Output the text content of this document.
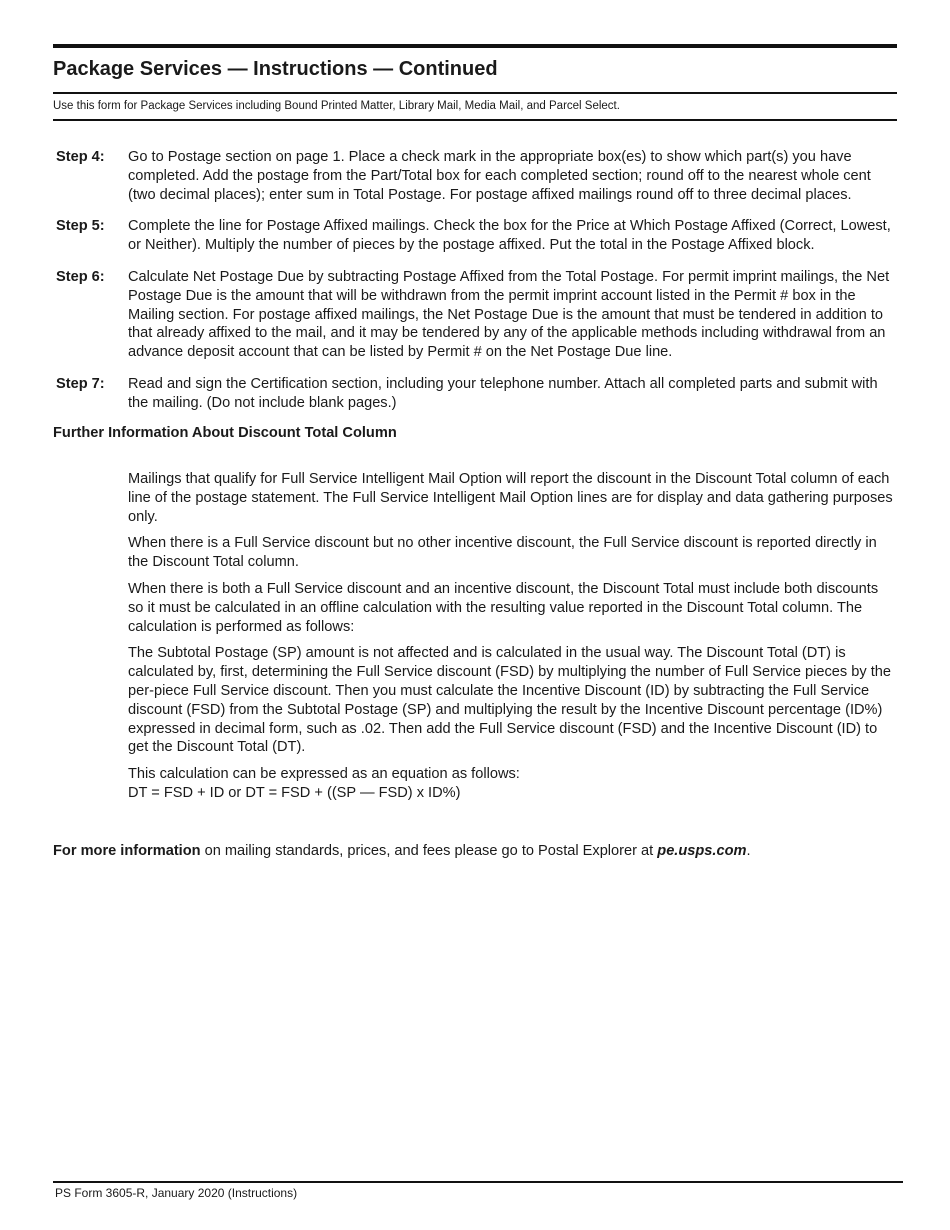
Package Services — Instructions — Continued

Use this form for Package Services including Bound Printed Matter, Library Mail, Media Mail, and Parcel Select.

Step 4:	Go to Postage section on page 1. Place a check mark in the appropriate box(es) to show which part(s) you have completed. Add the postage from the Part/Total box for each completed section; round off to the nearest whole cent (two decimal places); enter sum in Total Postage. For postage affixed mailings round off to three decimal places.
Step 5:	Complete the line for Postage Affixed mailings. Check the box for the Price at Which Postage Affixed (Correct, Lowest, or Neither). Multiply the number of pieces by the postage affixed. Put the total in the Postage Affixed block.
Step 6:	Calculate Net Postage Due by subtracting Postage Affixed from the Total Postage. For permit imprint mailings, the Net Postage Due is the amount that will be withdrawn from the permit imprint account listed in the Permit # box in the Mailing section. For postage affixed mailings, the Net Postage Due is the amount that must be tendered in addition to that already affixed to the mail, and it may be tendered by any of the applicable methods including withdrawal from an advance deposit account that can be listed by Permit # on the Net Postage Due line.
Step 7:	Read and sign the Certification section, including your telephone number. Attach all completed parts and submit with the mailing. (Do not include blank pages.)
Further Information About Discount Total Column

Mailings that qualify for Full Service Intelligent Mail Option will report the discount in the Discount Total column of each line of the postage statement. The Full Service Intelligent Mail Option lines are for display and data gathering purposes only.

When there is a Full Service discount but no other incentive discount, the Full Service discount is reported directly in the Discount Total column.

When there is both a Full Service discount and an incentive discount, the Discount Total must include both discounts so it must be calculated in an offline calculation with the resulting value reported in the Discount Total column. The calculation is performed as follows:

The Subtotal Postage (SP) amount is not affected and is calculated in the usual way. The Discount Total (DT) is calculated by, first, determining the Full Service discount (FSD) by multiplying the number of Full Service pieces by the per-piece Full Service discount. Then you must calculate the Incentive Discount (ID) by subtracting the Full Service discount (FSD) from the Subtotal Postage (SP) and multiplying the result by the Incentive Discount percentage (ID%) expressed in decimal form, such as .02. Then add the Full Service discount (FSD) and the Incentive Discount (ID) to get the Discount Total (DT).

This calculation can be expressed as an equation as follows:
DT = FSD + ID or DT = FSD + ((SP — FSD) x ID%)

For more information on mailing standards, prices, and fees please go to Postal Explorer at pe.usps.com.

PS Form 3605-R, January 2020 (Instructions)
